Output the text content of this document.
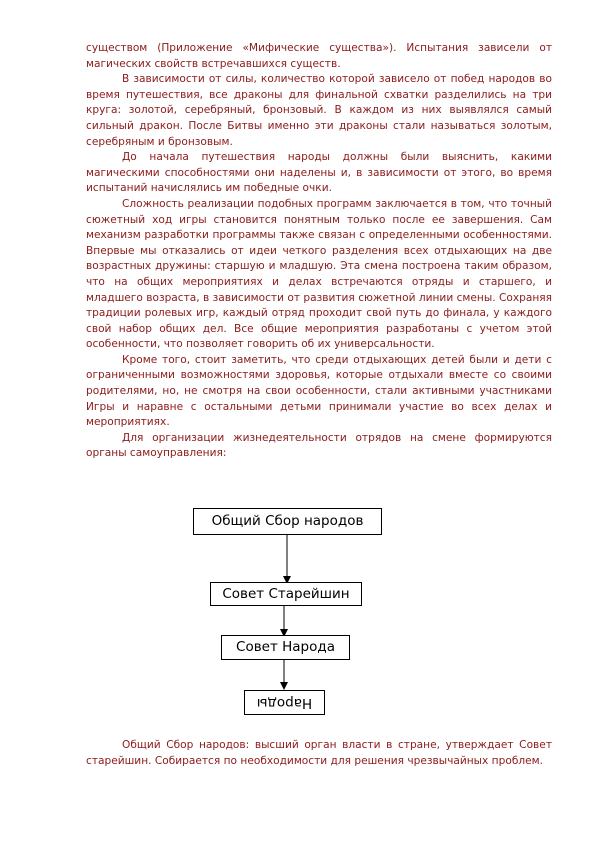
существом (Приложение «Мифические существа»). Испытания зависели от магических свойств встречавшихся существ.

В зависимости от силы, количество которой зависело от побед народов во время путешествия, все драконы для финальной схватки разделились на три круга: золотой, серебряный, бронзовый. В каждом из них выявлялся самый сильный дракон. После Битвы именно эти драконы стали называться золотым, серебряным и бронзовым.

До начала путешествия народы должны были выяснить, какими магическими способностями они наделены и, в зависимости от этого, во время испытаний начислялись им победные очки.

Сложность реализации подобных программ заключается в том, что точный сюжетный ход игры становится понятным только после ее завершения. Сам механизм разработки программы также связан с определенными особенностями. Впервые мы отказались от идеи четкого разделения всех отдыхающих на две возрастных дружины: старшую и младшую. Эта смена построена таким образом, что на общих мероприятиях и делах встречаются отряды и старшего, и младшего возраста, в зависимости от развития сюжетной линии смены. Сохраняя традиции ролевых игр, каждый отряд проходит свой путь до финала, у каждого свой набор общих дел. Все общие мероприятия разработаны с учетом этой особенности, что позволяет говорить об их универсальности.

Кроме того, стоит заметить, что среди отдыхающих детей были и дети с ограниченными возможностями здоровья, которые отдыхали вместе со своими родителями, но, не смотря на свои особенности, стали активными участниками Игры и наравне с остальными детьми принимали участие во всех делах и мероприятиях.

Для организации жизнедеятельности отрядов на смене формируются органы самоуправления:

Общий Сбор народов
Совет Старейшин
Совет Народа
Народы

Общий Сбор народов: высший орган власти в стране, утверждает Совет старейшин. Собирается по необходимости для решения чрезвычайных проблем.
